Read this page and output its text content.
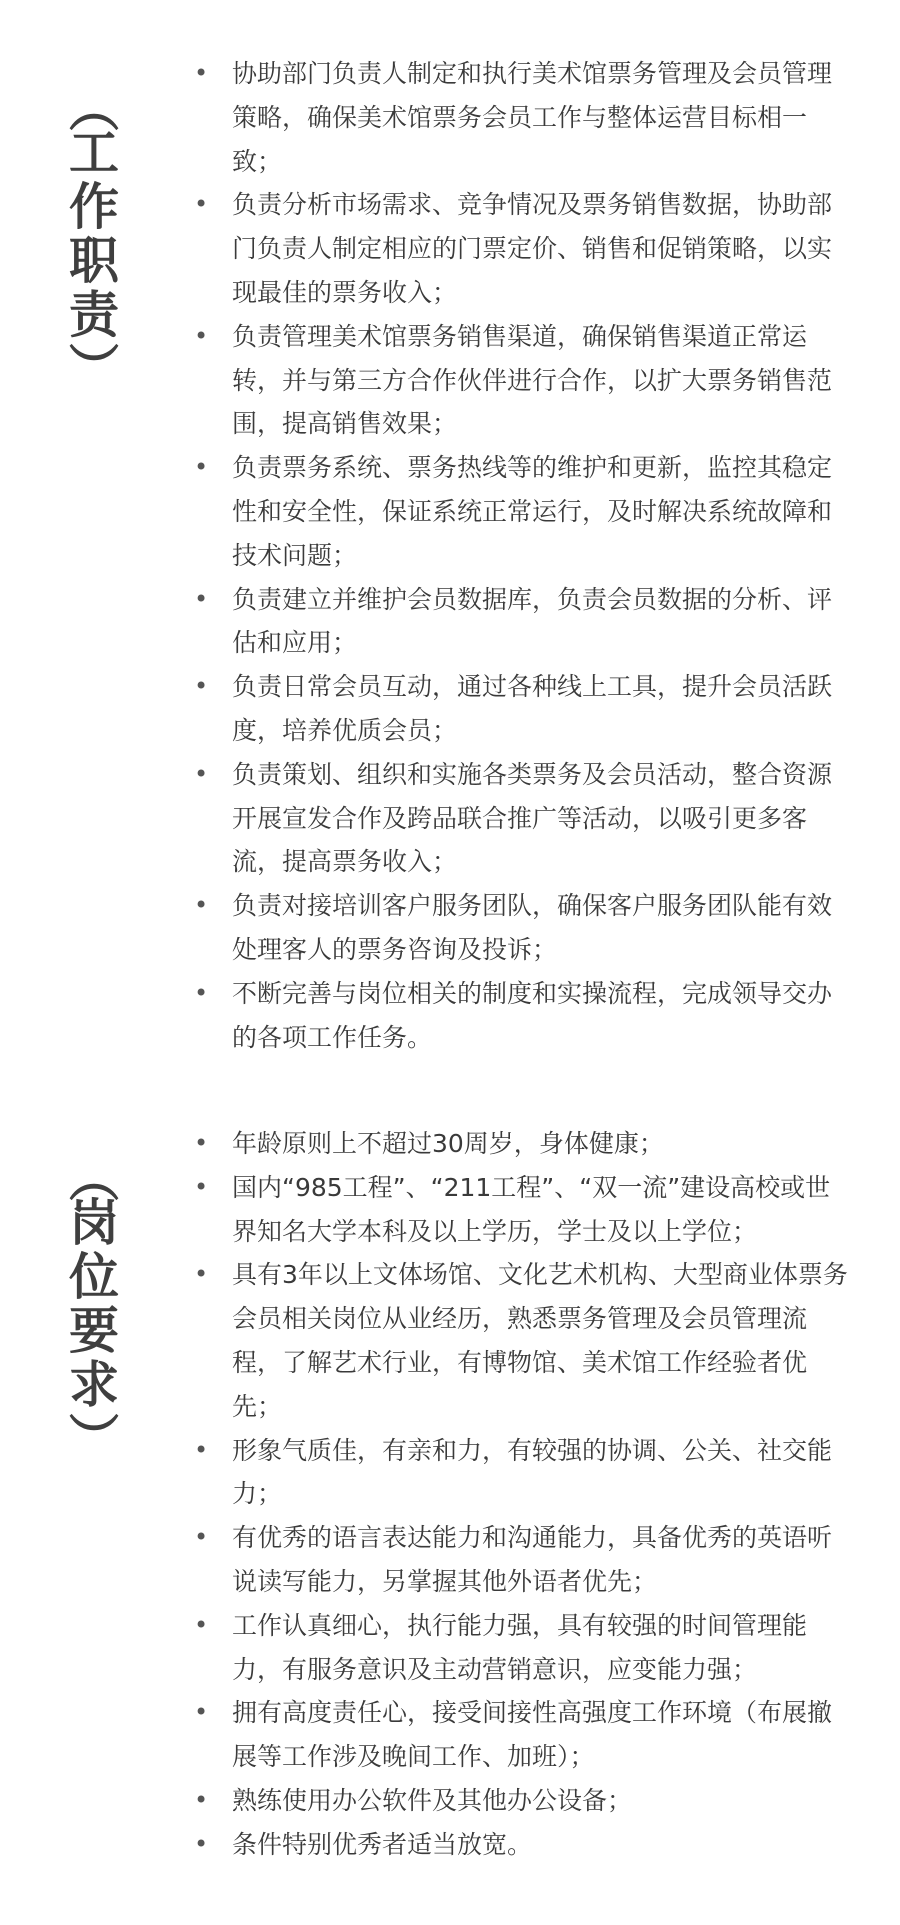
（
工作职责
）
• 协助部门负责人制定和执行美术馆票务管理及会员管理策略，确保美术馆票务会员工作与整体运营目标相一致；
• 负责分析市场需求、竞争情况及票务销售数据，协助部门负责人制定相应的门票定价、销售和促销策略，以实现最佳的票务收入；
• 负责管理美术馆票务销售渠道，确保销售渠道正常运转，并与第三方合作伙伴进行合作，以扩大票务销售范围，提高销售效果；
• 负责票务系统、票务热线等的维护和更新，监控其稳定性和安全性，保证系统正常运行，及时解决系统故障和技术问题；
• 负责建立并维护会员数据库，负责会员数据的分析、评估和应用；
• 负责日常会员互动，通过各种线上工具，提升会员活跃度，培养优质会员；
• 负责策划、组织和实施各类票务及会员活动，整合资源开展宣发合作及跨品联合推广等活动，以吸引更多客流，提高票务收入；
• 负责对接培训客户服务团队，确保客户服务团队能有效处理客人的票务咨询及投诉；
• 不断完善与岗位相关的制度和实操流程，完成领导交办的各项工作任务。
（
岗位要求
）
• 年龄原则上不超过30周岁，身体健康；
• 国内“985工程”、“211工程”、“双一流”建设高校或世界知名大学本科及以上学历，学士及以上学位；
• 具有3年以上文体场馆、文化艺术机构、大型商业体票务会员相关岗位从业经历，熟悉票务管理及会员管理流程，了解艺术行业，有博物馆、美术馆工作经验者优先；
• 形象气质佳，有亲和力，有较强的协调、公关、社交能力；
• 有优秀的语言表达能力和沟通能力，具备优秀的英语听说读写能力，另掌握其他外语者优先；
• 工作认真细心，执行能力强，具有较强的时间管理能力，有服务意识及主动营销意识，应变能力强；
• 拥有高度责任心，接受间接性高强度工作环境（布展撤展等工作涉及晚间工作、加班）；
• 熟练使用办公软件及其他办公设备；
• 条件特别优秀者适当放宽。
